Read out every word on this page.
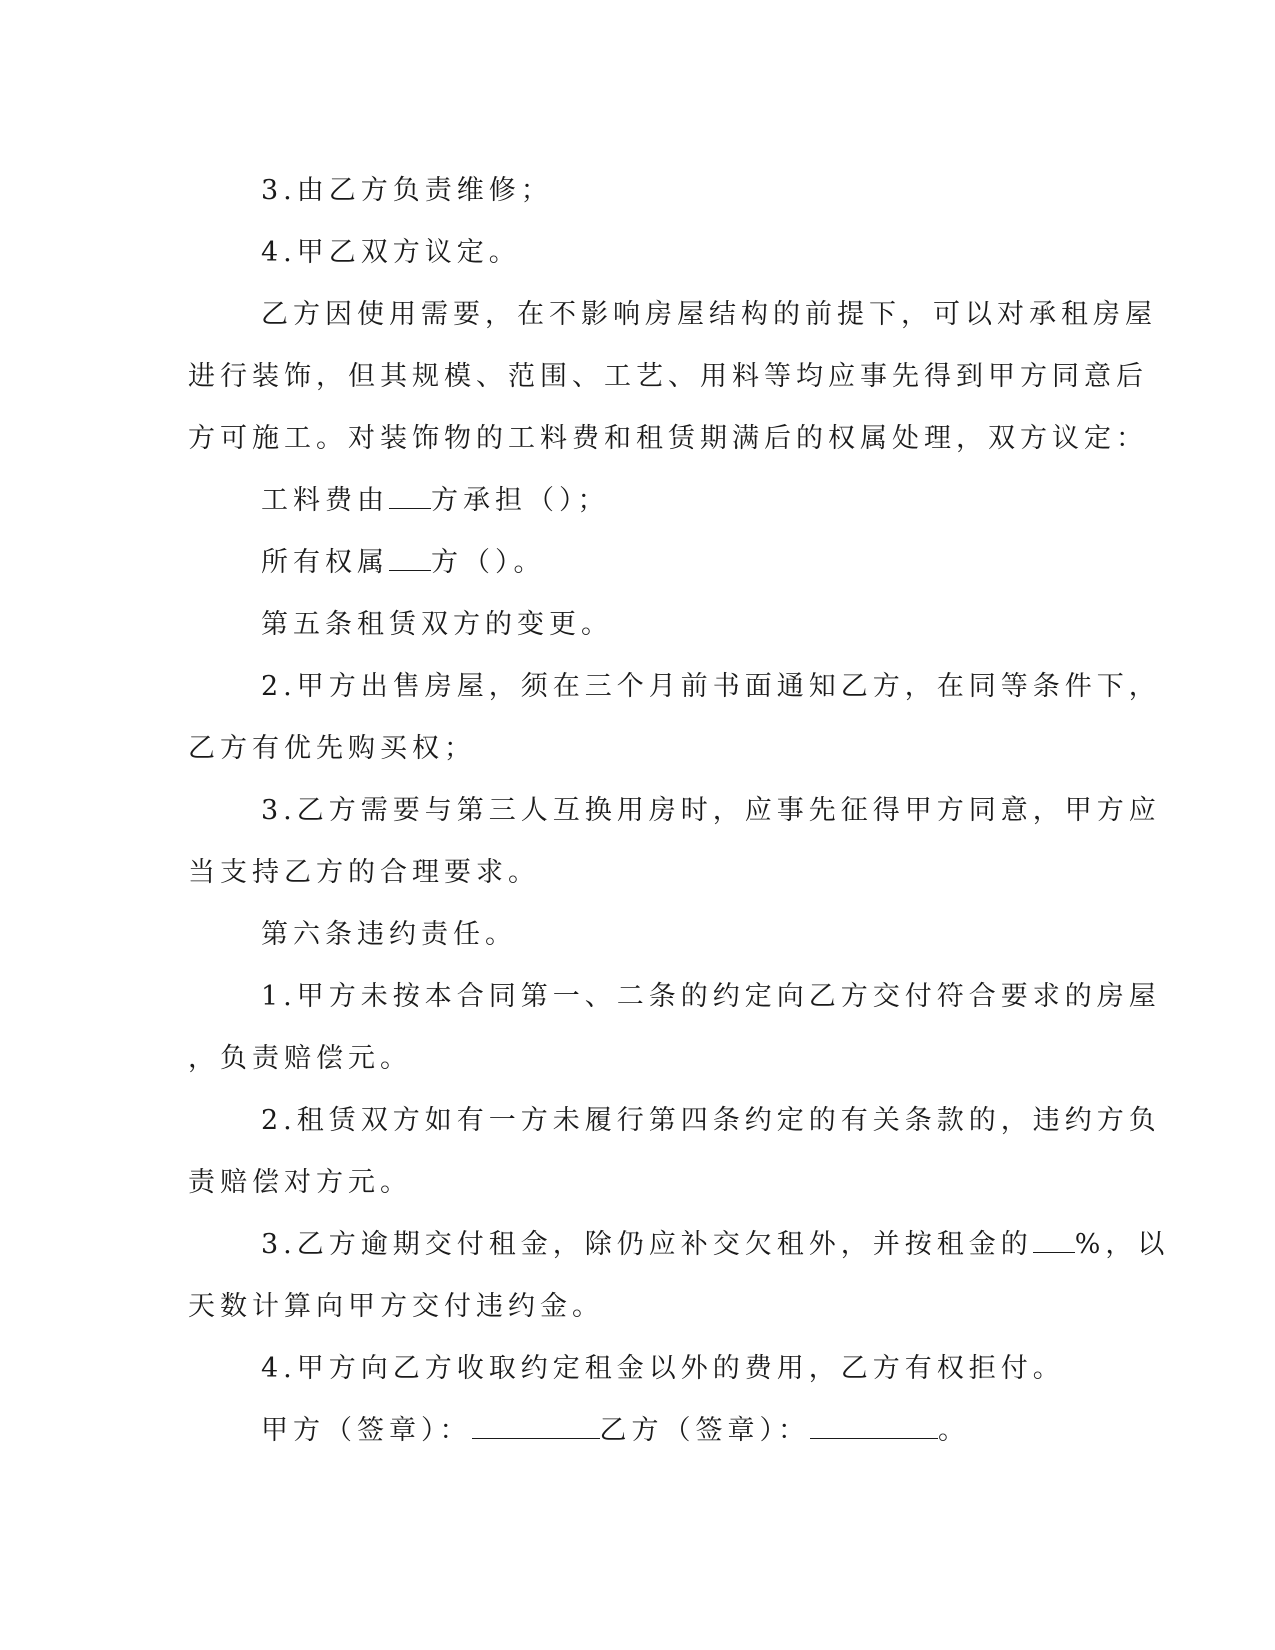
3.由乙方负责维修；
4.甲乙双方议定。
乙方因使用需要，在不影响房屋结构的前提下，可以对承租房屋
进行装饰，但其规模、范围、工艺、用料等均应事先得到甲方同意后
方可施工。对装饰物的工料费和租赁期满后的权属处理，双方议定：
工料费由 方承担（）；
所有权属 方（）。
第五条租赁双方的变更。
2.甲方出售房屋，须在三个月前书面通知乙方，在同等条件下，
乙方有优先购买权；
3.乙方需要与第三人互换用房时，应事先征得甲方同意，甲方应
当支持乙方的合理要求。
第六条违约责任。
1.甲方未按本合同第一、二条的约定向乙方交付符合要求的房屋
，负责赔偿元。
2.租赁双方如有一方未履行第四条约定的有关条款的，违约方负
责赔偿对方元。
3.乙方逾期交付租金，除仍应补交欠租外，并按租金的 %，以
天数计算向甲方交付违约金。
4.甲方向乙方收取约定租金以外的费用，乙方有权拒付。
甲方（签章）：	乙方（签章）：	。
